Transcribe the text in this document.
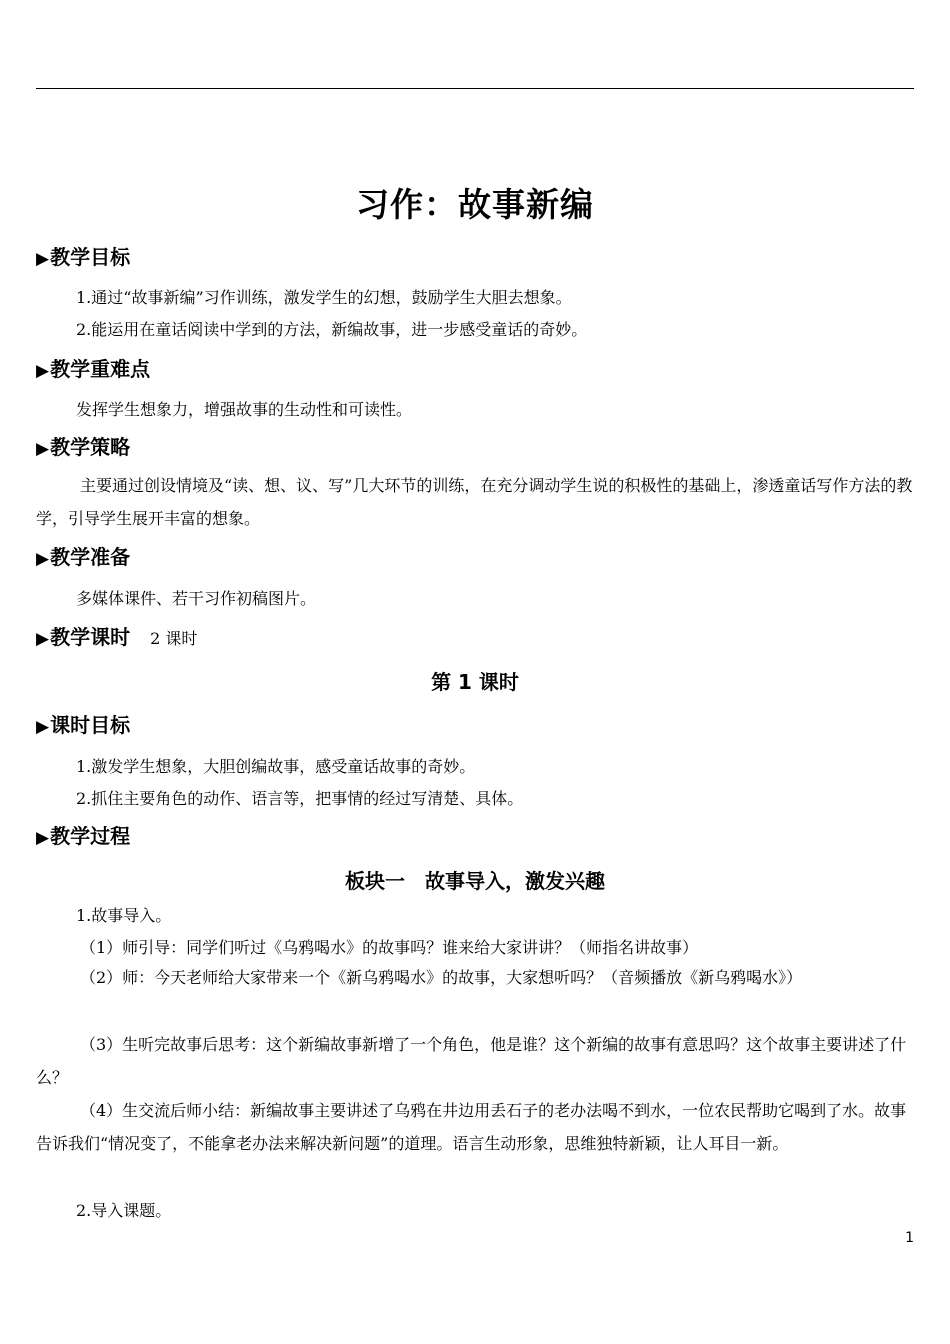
习作：故事新编
▶教学目标
1.通过“故事新编”习作训练，激发学生的幻想，鼓励学生大胆去想象。
2.能运用在童话阅读中学到的方法，新编故事，进一步感受童话的奇妙。
▶教学重难点
发挥学生想象力，增强故事的生动性和可读性。
▶教学策略
主要通过创设情境及“读、想、议、写”几大环节的训练，在充分调动学生说的积极性的基础上，渗透童话写作方法的教学，引导学生展开丰富的想象。
▶教学准备
多媒体课件、若干习作初稿图片。
▶教学课时 2 课时
第 1 课时
▶课时目标
1.激发学生想象，大胆创编故事，感受童话故事的奇妙。
2.抓住主要角色的动作、语言等，把事情的经过写清楚、具体。
▶教学过程
板块一　故事导入，激发兴趣
1.故事导入。
（1）师引导：同学们听过《乌鸦喝水》的故事吗？谁来给大家讲讲？（师指名讲故事）
（2）师：今天老师给大家带来一个《新乌鸦喝水》的故事，大家想听吗？（音频播放《新乌鸦喝水》）
（3）生听完故事后思考：这个新编故事新增了一个角色，他是谁？这个新编的故事有意思吗？这个故事主要讲述了什么？
（4）生交流后师小结：新编故事主要讲述了乌鸦在井边用丢石子的老办法喝不到水，一位农民帮助它喝到了水。故事告诉我们“情况变了，不能拿老办法来解决新问题”的道理。语言生动形象，思维独特新颖，让人耳目一新。
2.导入课题。
1
